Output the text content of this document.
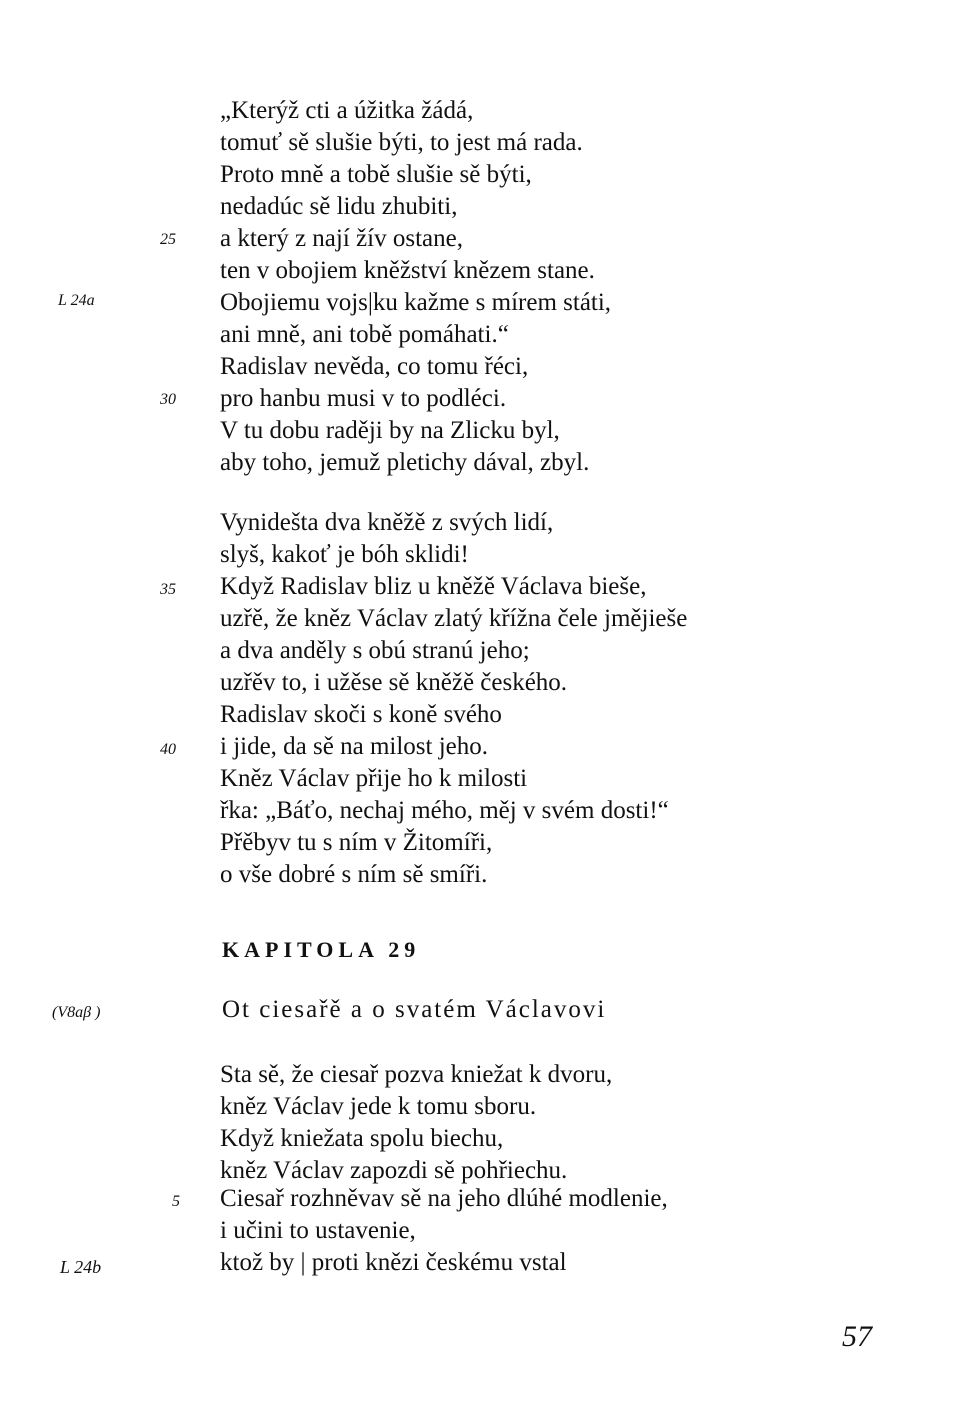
„Kterýž cti a úžitka žádá,
tomuť sě slušie býti, to jest má rada.
Proto mně a tobě slušie sě býti,
nedadúc sě lidu zhubiti,
a který z nají žív ostane,
ten v obojiem kněžství knězem stane.
Obojiemu vojs|ku kažme s mírem státi,
ani mně, ani tobě pomáhati.“
Radislav nevěda, co tomu řéci,
pro hanbu musi v to podléci.
V tu dobu raději by na Zlicku byl,
aby toho, jemuž pletichy dával, zbyl.
Vynidešta dva kněžě z svých lidí,
slyš, kakoť je bóh sklidi!
Když Radislav bliz u kněžě Václava bieše,
uzřě, že kněz Václav zlatý křížna čele jmějieše
a dva anděly s obú stranú jeho;
uzřěv to, i užěse sě kněžě českého.
Radislav skoči s koně svého
i jide, da sě na milost jeho.
Kněz Václav přije ho k milosti
řka: „Báťo, nechaj mého, měj v svém dosti!“
Přěbyv tu s ním v Žitomíři,
o vše dobré s ním sě smíři.
KAPITOLA 29
Ot ciesařě a o svatém Václavovi
Sta sě, že ciesař pozva kniežat k dvoru,
kněz Václav jede k tomu sboru.
Když kniežata spolu biechu,
kněz Václav zapozdi sě pohřiechu.
Ciesař rozhněvav sě na jeho dlúhé modlenie,
i učini to ustavenie,
ktož by | proti knězi českému vstal
25
L 24a
30
35
40
(V8aβ )
5
L 24b
57
